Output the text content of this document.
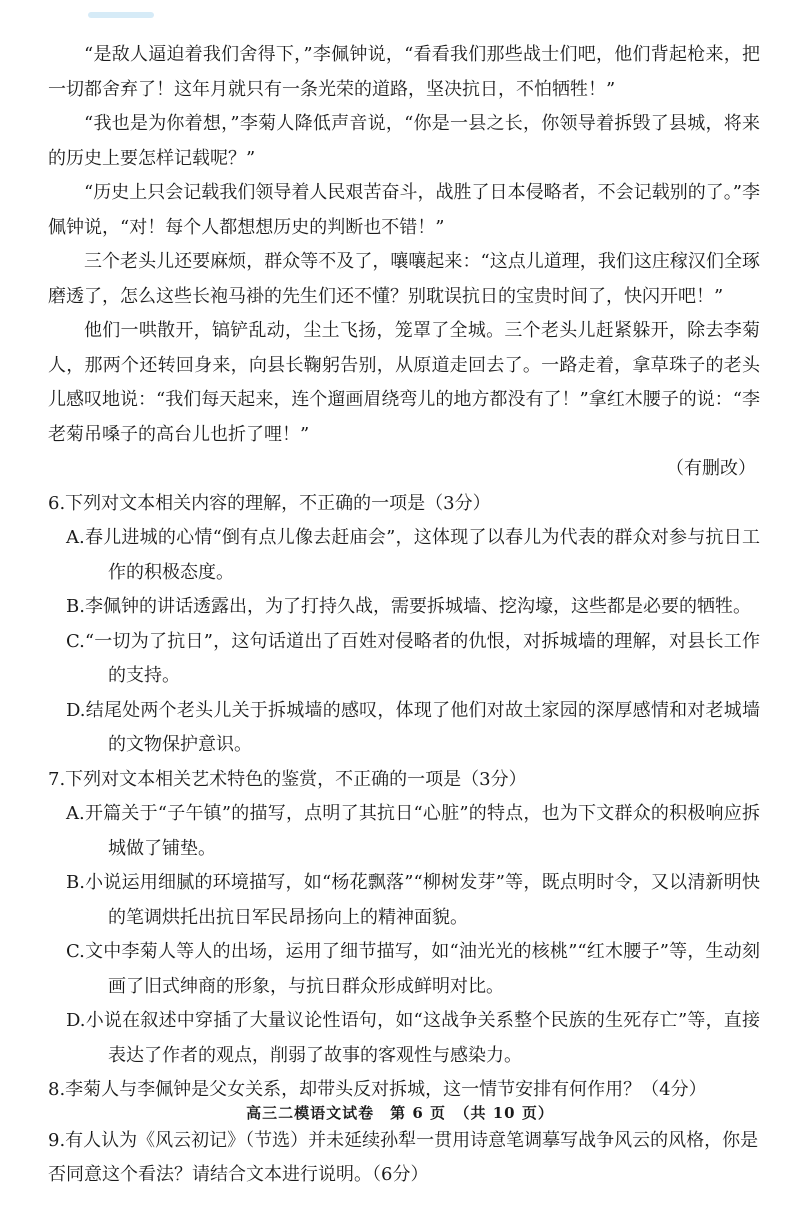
“是敌人逼迫着我们舍得下，”李佩钟说，“看看我们那些战士们吧，他们背起枪来，把一切都舍弃了！这年月就只有一条光荣的道路，坚决抗日，不怕牺牲！”

“我也是为你着想，”李菊人降低声音说，“你是一县之长，你领导着拆毁了县城，将来的历史上要怎样记载呢？”

“历史上只会记载我们领导着人民艰苦奋斗，战胜了日本侵略者，不会记载别的了。”李佩钟说，“对！每个人都想想历史的判断也不错！”

三个老头儿还要麻烦，群众等不及了，嚷嚷起来：“这点儿道理，我们这庄稼汉们全琢磨透了，怎么这些长袍马褂的先生们还不懂？别耽误抗日的宝贵时间了，快闪开吧！”

他们一哄散开，镐铲乱动，尘土飞扬，笼罩了全城。三个老头儿赶紧躲开，除去李菊人，那两个还转回身来，向县长鞠躬告别，从原道走回去了。一路走着，拿草珠子的老头儿感叹地说：“我们每天起来，连个遛画眉绕弯儿的地方都没有了！”拿红木腰子的说：“李老菊吊嗓子的高台儿也折了哩！”

（有删改）

6.下列对文本相关内容的理解，不正确的一项是（3分）

A.春儿进城的心情“倒有点儿像去赶庙会”，这体现了以春儿为代表的群众对参与抗日工作的积极态度。

B.李佩钟的讲话透露出，为了打持久战，需要拆城墙、挖沟壕，这些都是必要的牺牲。

C.“一切为了抗日”，这句话道出了百姓对侵略者的仇恨，对拆城墙的理解，对县长工作的支持。

D.结尾处两个老头儿关于拆城墙的感叹，体现了他们对故土家园的深厚感情和对老城墙的文物保护意识。

7.下列对文本相关艺术特色的鉴赏，不正确的一项是（3分）

A.开篇关于“子午镇”的描写，点明了其抗日“心脏”的特点，也为下文群众的积极响应拆城做了铺垫。

B.小说运用细腻的环境描写，如“杨花飘落”“柳树发芽”等，既点明时令，又以清新明快的笔调烘托出抗日军民昂扬向上的精神面貌。

C.文中李菊人等人的出场，运用了细节描写，如“油光光的核桃”“红木腰子”等，生动刻画了旧式绅商的形象，与抗日群众形成鲜明对比。

D.小说在叙述中穿插了大量议论性语句，如“这战争关系整个民族的生死存亡”等，直接表达了作者的观点，削弱了故事的客观性与感染力。

8.李菊人与李佩钟是父女关系，却带头反对拆城，这一情节安排有何作用？（4分）

9.有人认为《风云初记》（节选）并未延续孙犁一贯用诗意笔调摹写战争风云的风格，你是否同意这个看法？请结合文本进行说明。（6分）

高三二模语文试卷　第 6 页　（共 10 页）
